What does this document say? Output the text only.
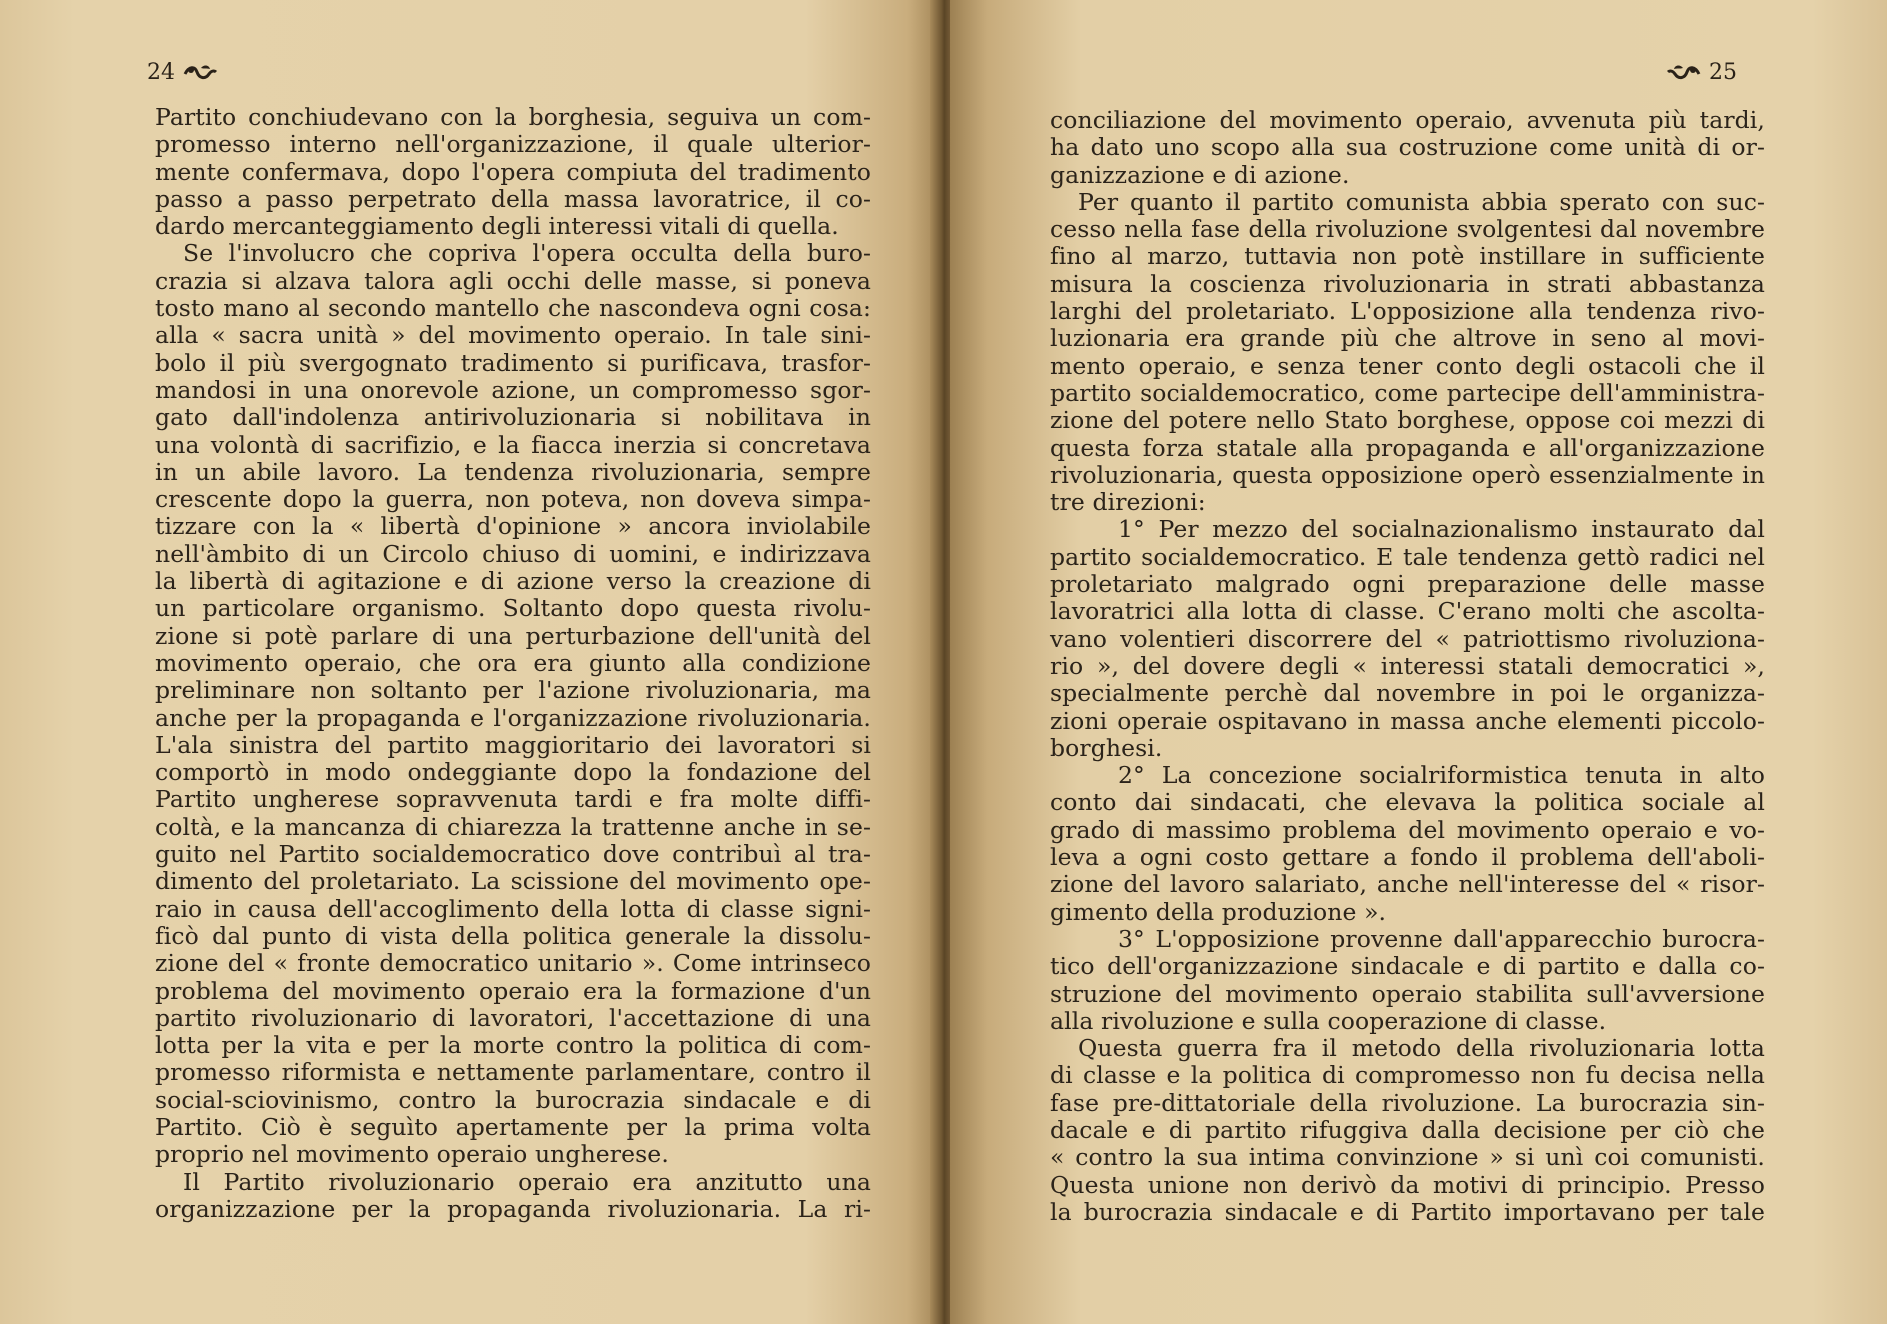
24
Partito conchiudevano con la borghesia, seguiva un com-
promesso interno nell'organizzazione, il quale ulterior-
mente confermava, dopo l'opera compiuta del tradimento
passo a passo perpetrato della massa lavoratrice, il co-
dardo mercanteggiamento degli interessi vitali di quella.
Se l'involucro che copriva l'opera occulta della buro-
crazia si alzava talora agli occhi delle masse, si poneva
tosto mano al secondo mantello che nascondeva ogni cosa:
alla « sacra unità » del movimento operaio. In tale sini-
bolo il più svergognato tradimento si purificava, trasfor-
mandosi in una onorevole azione, un compromesso sgor-
gato dall'indolenza antirivoluzionaria si nobilitava in
una volontà di sacrifizio, e la fiacca inerzia si concretava
in un abile lavoro. La tendenza rivoluzionaria, sempre
crescente dopo la guerra, non poteva, non doveva simpa-
tizzare con la « libertà d'opinione » ancora inviolabile
nell'àmbito di un Circolo chiuso di uomini, e indirizzava
la libertà di agitazione e di azione verso la creazione di
un particolare organismo. Soltanto dopo questa rivolu-
zione si potè parlare di una perturbazione dell'unità del
movimento operaio, che ora era giunto alla condizione
preliminare non soltanto per l'azione rivoluzionaria, ma
anche per la propaganda e l'organizzazione rivoluzionaria.
L'ala sinistra del partito maggioritario dei lavoratori si
comportò in modo ondeggiante dopo la fondazione del
Partito ungherese sopravvenuta tardi e fra molte diffi-
coltà, e la mancanza di chiarezza la trattenne anche in se-
guito nel Partito socialdemocratico dove contribuì al tra-
dimento del proletariato. La scissione del movimento ope-
raio in causa dell'accoglimento della lotta di classe signi-
ficò dal punto di vista della politica generale la dissolu-
zione del « fronte democratico unitario ». Come intrinseco
problema del movimento operaio era la formazione d'un
partito rivoluzionario di lavoratori, l'accettazione di una
lotta per la vita e per la morte contro la politica di com-
promesso riformista e nettamente parlamentare, contro il
social-sciovinismo, contro la burocrazia sindacale e di
Partito. Ciò è seguìto apertamente per la prima volta
proprio nel movimento operaio ungherese.
Il Partito rivoluzionario operaio era anzitutto una
organizzazione per la propaganda rivoluzionaria. La ri-
25
conciliazione del movimento operaio, avvenuta più tardi,
ha dato uno scopo alla sua costruzione come unità di or-
ganizzazione e di azione.
Per quanto il partito comunista abbia sperato con suc-
cesso nella fase della rivoluzione svolgentesi dal novembre
fino al marzo, tuttavia non potè instillare in sufficiente
misura la coscienza rivoluzionaria in strati abbastanza
larghi del proletariato. L'opposizione alla tendenza rivo-
luzionaria era grande più che altrove in seno al movi-
mento operaio, e senza tener conto degli ostacoli che il
partito socialdemocratico, come partecipe dell'amministra-
zione del potere nello Stato borghese, oppose coi mezzi di
questa forza statale alla propaganda e all'organizzazione
rivoluzionaria, questa opposizione operò essenzialmente in
tre direzioni:
1° Per mezzo del socialnazionalismo instaurato dal
partito socialdemocratico. E tale tendenza gettò radici nel
proletariato malgrado ogni preparazione delle masse
lavoratrici alla lotta di classe. C'erano molti che ascolta-
vano volentieri discorrere del « patriottismo rivoluziona-
rio », del dovere degli « interessi statali democratici »,
specialmente perchè dal novembre in poi le organizza-
zioni operaie ospitavano in massa anche elementi piccolo-
borghesi.
2° La concezione socialriformistica tenuta in alto
conto dai sindacati, che elevava la politica sociale al
grado di massimo problema del movimento operaio e vo-
leva a ogni costo gettare a fondo il problema dell'aboli-
zione del lavoro salariato, anche nell'interesse del « risor-
gimento della produzione ».
3° L'opposizione provenne dall'apparecchio burocra-
tico dell'organizzazione sindacale e di partito e dalla co-
struzione del movimento operaio stabilita sull'avversione
alla rivoluzione e sulla cooperazione di classe.
Questa guerra fra il metodo della rivoluzionaria lotta
di classe e la politica di compromesso non fu decisa nella
fase pre-dittatoriale della rivoluzione. La burocrazia sin-
dacale e di partito rifuggiva dalla decisione per ciò che
« contro la sua intima convinzione » si unì coi comunisti.
Questa unione non derivò da motivi di principio. Presso
la burocrazia sindacale e di Partito importavano per tale
